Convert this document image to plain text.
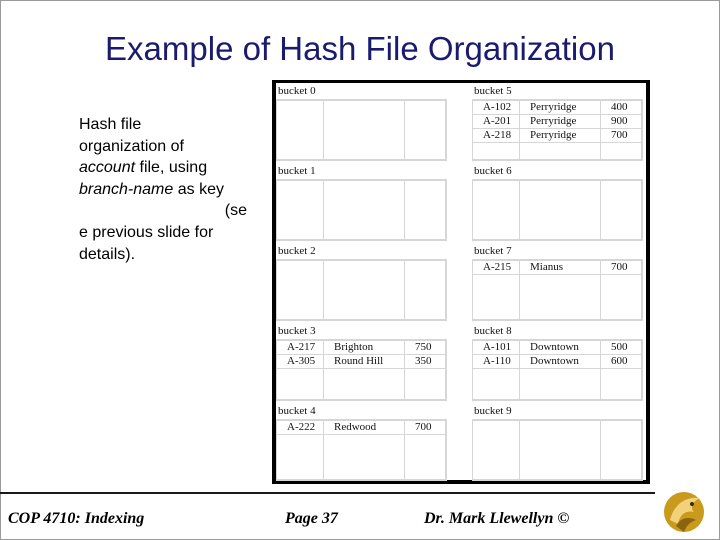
Example of Hash File Organization
Hash file
organization of
account file, using
branch-name as key
(se
e previous slide for
details).
bucket 0
bucket 1
bucket 2
bucket 3
A-217	Brighton	750
A-305	Round Hill	350
bucket 4
A-222	Redwood	700
bucket 5
A-102	Perryridge	400
A-201	Perryridge	900
A-218	Perryridge	700
bucket 6
bucket 7
A-215	Mianus	700
bucket 8
A-101	Downtown	500
A-110	Downtown	600
bucket 9
COP 4710: Indexing	Page 37	Dr. Mark Llewellyn ©
